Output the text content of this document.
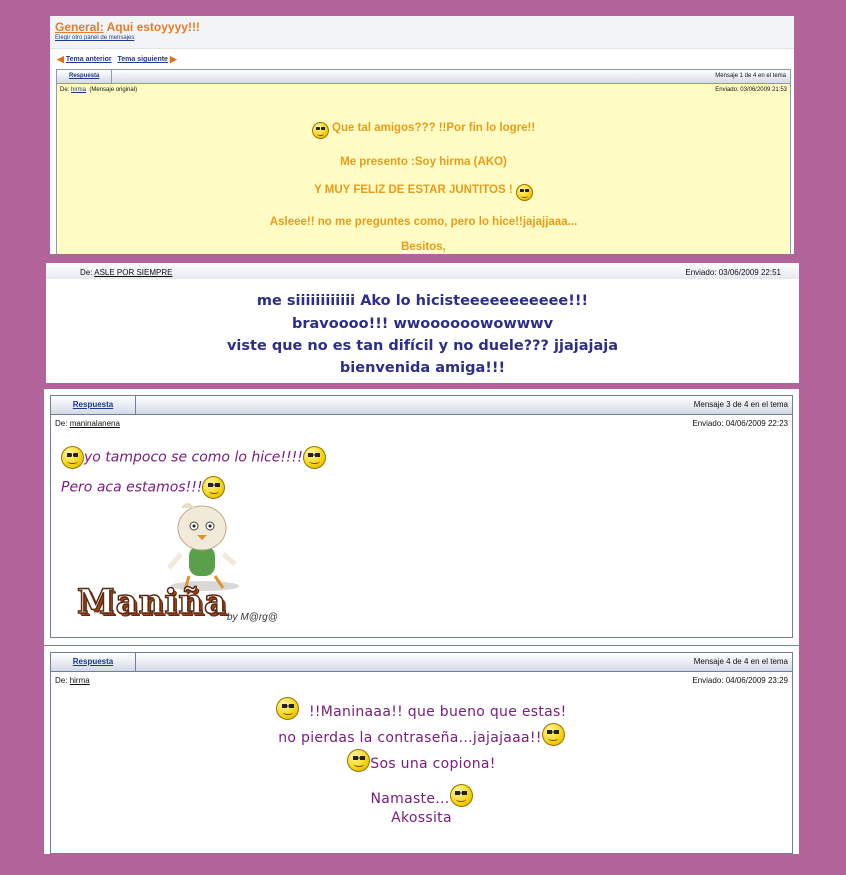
General: Aqui estoyyyy!!!
Elegir otro panel de mensajes
◀ Tema anterior Tema siguiente ▶
Respuesta	Mensaje 1 de 4 en el tema
De: hirma (Mensaje original)	Enviado: 03/06/2009 21:53

Que tal amigos??? !!Por fin lo logre!!

Me presento :Soy hirma (AKO)

Y MUY FELIZ DE ESTAR JUNTITOS !

Asleee!! no me preguntes como, pero lo hice!!jajajjaaa...

Besitos,

De: ASLE POR SIEMPRE	Enviado: 03/06/2009 22:51

me siiiiiiiiiiii Ako lo hicisteeeeeeeeeee!!!

bravoooo!!! wwoooooowowwwv

viste que no es tan difícil y no duele??? jjajajaja

bienvenida amiga!!!

Respuesta	Mensaje 3 de 4 en el tema
De: maninalanena	Enviado: 04/06/2009 22:23
yo tampoco se como lo hice!!!!
Pero aca estamos!!!
Maniña by M@rg@
Respuesta	Mensaje 4 de 4 en el tema
De: hirma	Enviado: 04/06/2009 23:29

!!Maninaaa!! que bueno que estas!

no pierdas la contraseña...jajajaaa!!

Sos una copiona!

Namaste...

Akossita
